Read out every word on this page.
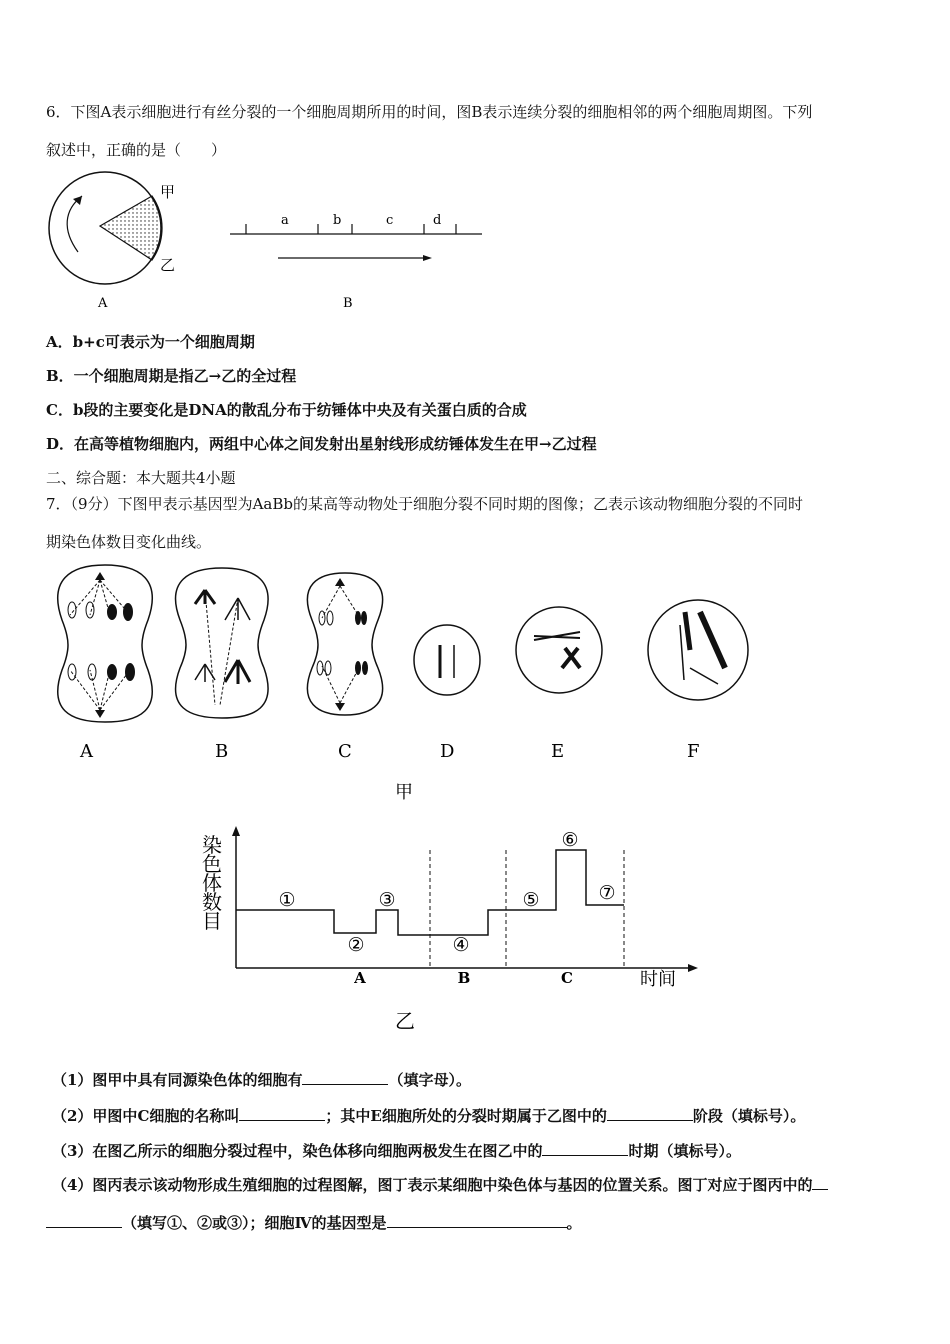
6．下图A表示细胞进行有丝分裂的一个细胞周期所用的时间，图B表示连续分裂的细胞相邻的两个细胞周期图。下列
叙述中，正确的是（　　）
甲
乙
A
a	b	c	d
B
A．b+c可表示为一个细胞周期
B．一个细胞周期是指乙→乙的全过程
C．b段的主要变化是DNA的散乱分布于纺锤体中央及有关蛋白质的合成
D．在高等植物细胞内，两组中心体之间发射出星射线形成纺锤体发生在甲→乙过程
二、综合题：本大题共4小题
7．（9分）下图甲表示基因型为AaBb的某高等动物处于细胞分裂不同时期的图像；乙表示该动物细胞分裂的不同时
期染色体数目变化曲线。
A	B	C	D	E	F
甲
染
色
体
数
目
时间
①
②
③
④
⑤
⑥
⑦
A	B	C
乙
（1）图甲中具有同源染色体的细胞有	（填字母）。
（2）甲图中C细胞的名称叫	；其中E细胞所处的分裂时期属于乙图中的	阶段（填标号）。
（3）在图乙所示的细胞分裂过程中，染色体移向细胞两极发生在图乙中的	时期（填标号）。
（4）图丙表示该动物形成生殖细胞的过程图解，图丁表示某细胞中染色体与基因的位置关系。图丁对应于图丙中的
（填写①、②或③）；细胞Ⅳ的基因型是	。
